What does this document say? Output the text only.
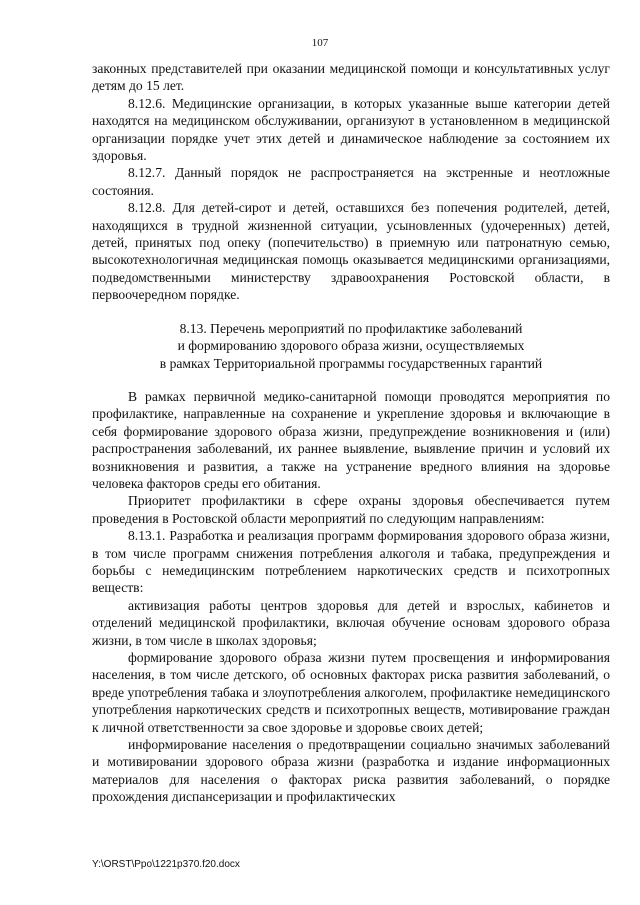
107

законных представителей при оказании медицинской помощи и консультативных услуг детям до 15 лет.

8.12.6. Медицинские организации, в которых указанные выше категории детей находятся на медицинском обслуживании, организуют в установленном в медицинской организации порядке учет этих детей и динамическое наблюдение за состоянием их здоровья.

8.12.7. Данный порядок не распространяется на экстренные и неотложные состояния.

8.12.8. Для детей-сирот и детей, оставшихся без попечения родителей, детей, находящихся в трудной жизненной ситуации, усыновленных (удочеренных) детей, детей, принятых под опеку (попечительство) в приемную или патронатную семью, высокотехнологичная медицинская помощь оказывается медицинскими организациями, подведомственными министерству здравоохранения Ростовской области, в первоочередном порядке.

8.13. Перечень мероприятий по профилактике заболеваний
и формированию здорового образа жизни, осуществляемых
в рамках Территориальной программы государственных гарантий

В рамках первичной медико-санитарной помощи проводятся мероприятия по профилактике, направленные на сохранение и укрепление здоровья и включающие в себя формирование здорового образа жизни, предупреждение возникновения и (или) распространения заболеваний, их раннее выявление, выявление причин и условий их возникновения и развития, а также на устранение вредного влияния на здоровье человека факторов среды его обитания.

Приоритет профилактики в сфере охраны здоровья обеспечивается путем проведения в Ростовской области мероприятий по следующим направлениям:

8.13.1. Разработка и реализация программ формирования здорового образа жизни, в том числе программ снижения потребления алкоголя и табака, предупреждения и борьбы с немедицинским потреблением наркотических средств и психотропных веществ:

активизация работы центров здоровья для детей и взрослых, кабинетов и отделений медицинской профилактики, включая обучение основам здорового образа жизни, в том числе в школах здоровья;

формирование здорового образа жизни путем просвещения и информирования населения, в том числе детского, об основных факторах риска развития заболеваний, о вреде употребления табака и злоупотребления алкоголем, профилактике немедицинского употребления наркотических средств и психотропных веществ, мотивирование граждан к личной ответственности за свое здоровье и здоровье своих детей;

информирование населения о предотвращении социально значимых заболеваний и мотивировании здорового образа жизни (разработка и издание информационных материалов для населения о факторах риска развития заболеваний, о порядке прохождения диспансеризации и профилактических

Y:\ORST\Ppo\1221p370.f20.docx
